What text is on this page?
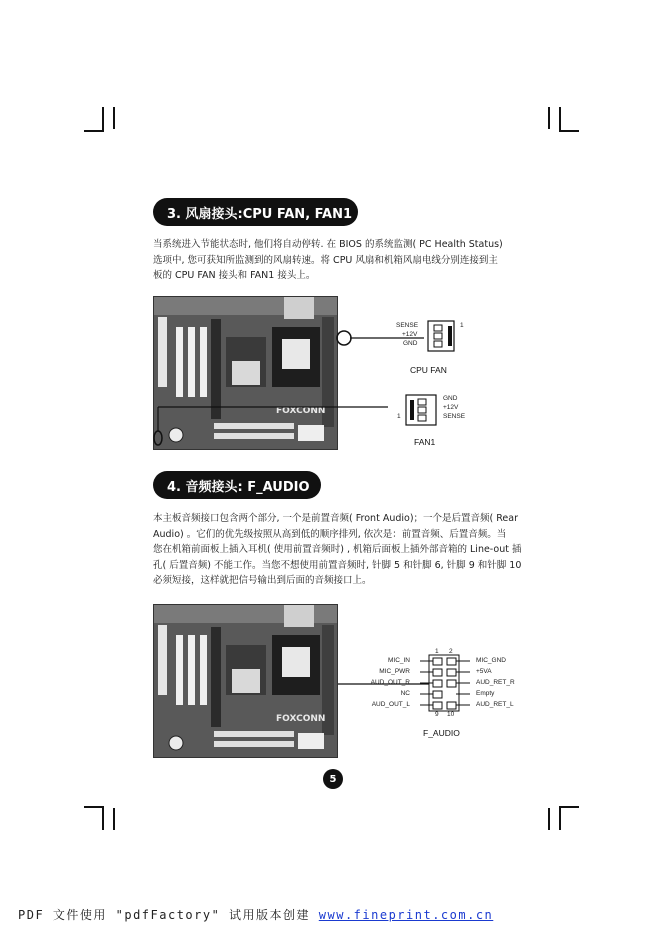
3. 风扇接头:CPU FAN, FAN1
当系统进入节能状态时, 他们将自动停转. 在 BIOS 的系统监测( PC Health Status)
选项中, 您可获知所监测到的风扇转速。将 CPU 风扇和机箱风扇电线分别连接到主
板的 CPU FAN 接头和 FAN1 接头上。
FOXCONN
SENSE
+12V
GND
1
CPU FAN
GND
+12V
SENSE
1
FAN1
4. 音频接头: F_AUDIO
本主板音频接口包含两个部分, 一个是前置音频( Front Audio)；一个是后置音频( Rear
Audio) 。它们的优先级按照从高到低的顺序排列, 依次是：前置音频、后置音频。当
您在机箱前面板上插入耳机( 使用前置音频时) , 机箱后面板上插外部音箱的 Line-out 插
孔( 后置音频) 不能工作。当您不想使用前置音频时, 针脚 5 和针脚 6, 针脚 9 和针脚 10
必须短接，这样就把信号输出到后面的音频接口上。
FOXCONN
1 2
9 10
MIC_IN
MIC_PWR
AUD_OUT_R
NC
AUD_OUT_L
MIC_GND
+5VA
AUD_RET_R
Empty
AUD_RET_L
F_AUDIO
5
PDF 文件使用 "pdfFactory" 试用版本创建 www.fineprint.com.cn
